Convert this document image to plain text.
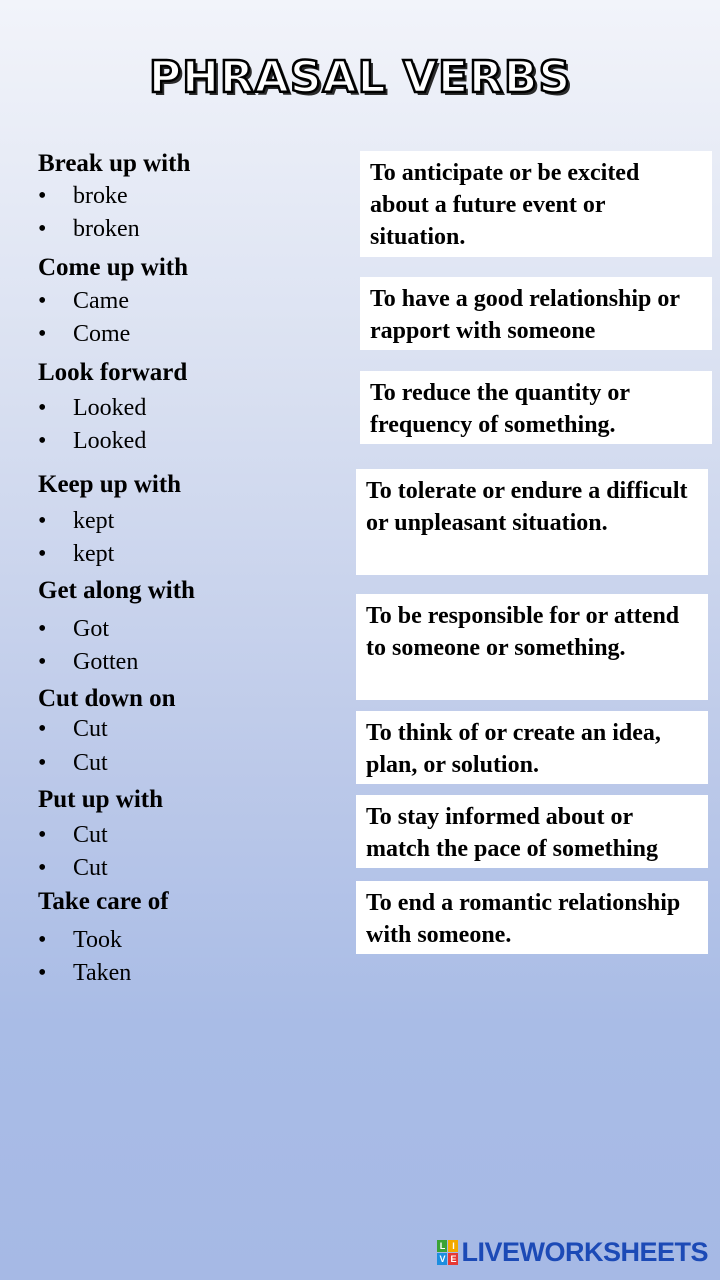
PHRASAL VERBS
Break up with
• broke
• broken
Come up with
• Came
• Come
Look forward
• Looked
• Looked
Keep up with
• kept
• kept
Get along with
• Got
• Gotten
Cut down on
• Cut
• Cut
Put up with
• Cut
• Cut
Take care of
• Took
• Taken
To anticipate or be excited about a future event or situation.
To have a good relationship or rapport with someone
To reduce the quantity or frequency of something.
To tolerate or endure a difficult or unpleasant situation.
To be responsible for or attend to someone or something.
To think of or create an idea, plan, or solution.
To stay informed about or match the pace of something
To end a romantic relationship with someone.
L I
V E LIVEWORKSHEETS
